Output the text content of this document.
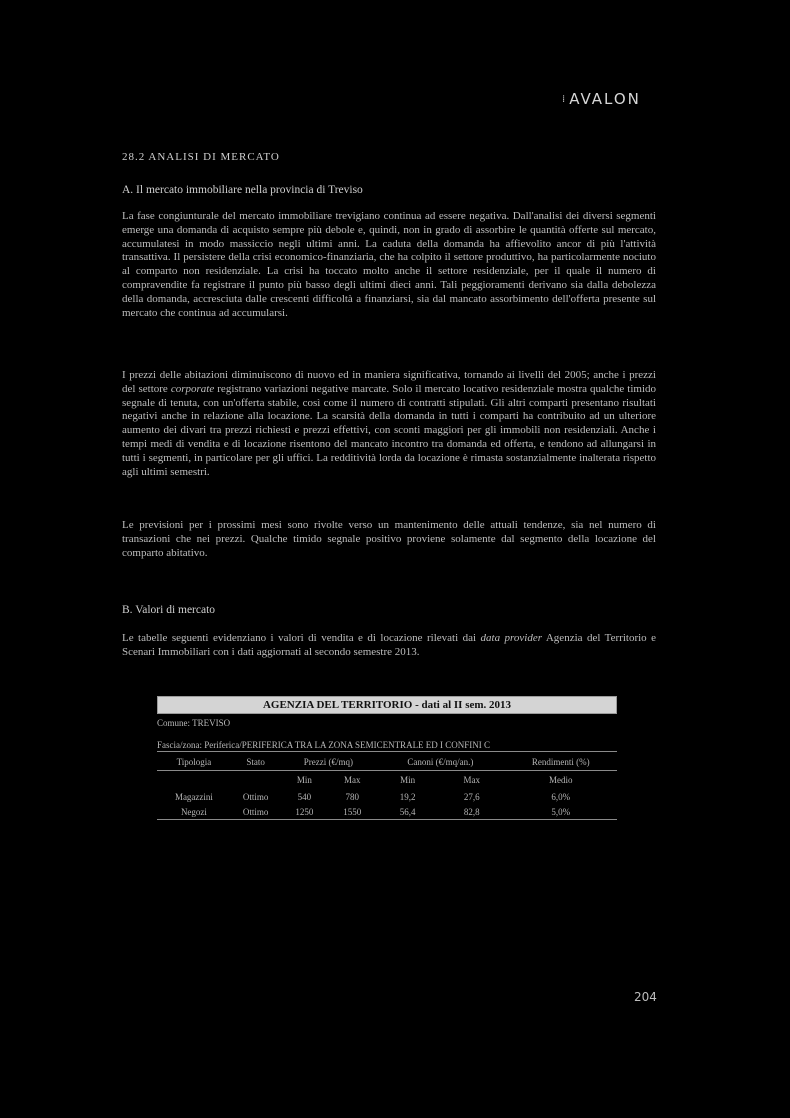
⁞ AVALON
28.2 ANALISI DI MERCATO
A. Il mercato immobiliare nella provincia di Treviso

La fase congiunturale del mercato immobiliare trevigiano continua ad essere negativa. Dall'analisi dei diversi segmenti emerge una domanda di acquisto sempre più debole e, quindi, non in grado di assorbire le quantità offerte sul mercato, accumulatesi in modo massiccio negli ultimi anni. La caduta della domanda ha affievolito ancor di più l'attività transattiva. Il persistere della crisi economico-finanziaria, che ha colpito il settore produttivo, ha particolarmente nociuto al comparto non residenziale. La crisi ha toccato molto anche il settore residenziale, per il quale il numero di compravendite fa registrare il punto più basso degli ultimi dieci anni. Tali peggioramenti derivano sia dalla debolezza della domanda, accresciuta dalle crescenti difficoltà a finanziarsi, sia dal mancato assorbimento dell'offerta presente sul mercato che continua ad accumularsi.

I prezzi delle abitazioni diminuiscono di nuovo ed in maniera significativa, tornando ai livelli del 2005; anche i prezzi del settore corporate registrano variazioni negative marcate. Solo il mercato locativo residenziale mostra qualche timido segnale di tenuta, con un'offerta stabile, così come il numero di contratti stipulati. Gli altri comparti presentano risultati negativi anche in relazione alla locazione. La scarsità della domanda in tutti i comparti ha contribuito ad un ulteriore aumento dei divari tra prezzi richiesti e prezzi effettivi, con sconti maggiori per gli immobili non residenziali. Anche i tempi medi di vendita e di locazione risentono del mancato incontro tra domanda ed offerta, e tendono ad allungarsi in tutti i segmenti, in particolare per gli uffici. La redditività lorda da locazione è rimasta sostanzialmente inalterata rispetto agli ultimi semestri.

Le previsioni per i prossimi mesi sono rivolte verso un mantenimento delle attuali tendenze, sia nel numero di transazioni che nei prezzi. Qualche timido segnale positivo proviene solamente dal segmento della locazione del comparto abitativo.

B. Valori di mercato

Le tabelle seguenti evidenziano i valori di vendita e di locazione rilevati dai data provider Agenzia del Territorio e Scenari Immobiliari con i dati aggiornati al secondo semestre 2013.

AGENZIA DEL TERRITORIO - dati al II sem. 2013
Comune: TREVISO
Fascia/zona: Periferica/PERIFERICA TRA LA ZONA SEMICENTRALE ED I CONFINI C
Tipologia	Stato	Prezzi (€/mq)		Canoni (€/mq/an.)		Rendimenti (%)
		Min	Max	Min	Max	Medio
Magazzini	Ottimo	540	780	19,2	27,6	6,0%
Negozi	Ottimo	1250	1550	56,4	82,8	5,0%
204
